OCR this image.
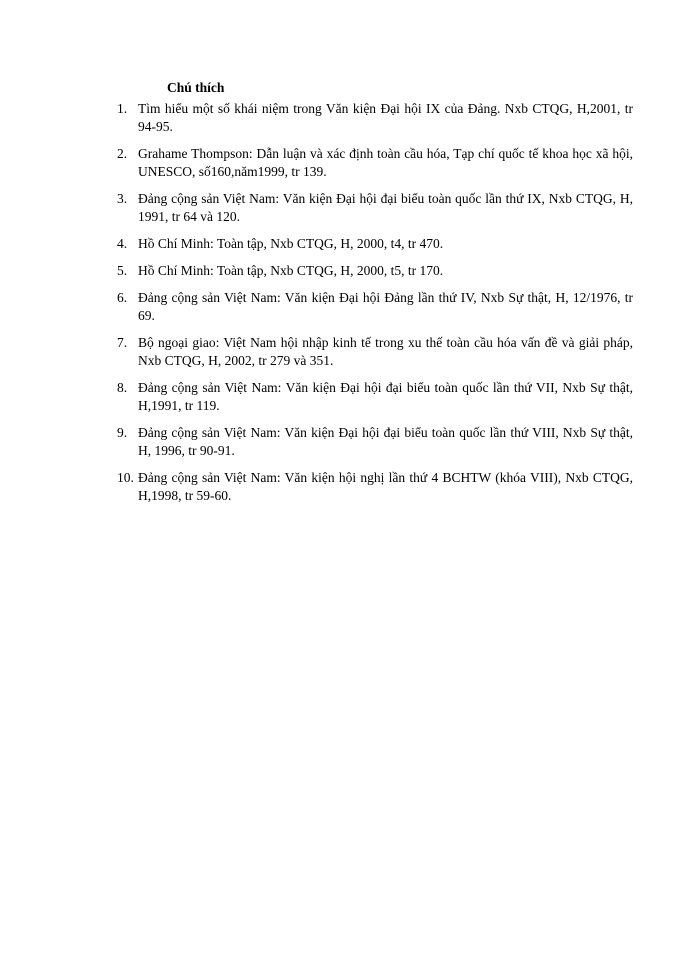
Chú thích

1. Tìm hiểu một số khái niệm trong Văn kiện Đại hội IX của Đảng. Nxb CTQG, H,2001, tr 94-95.
2. Grahame Thompson: Dẫn luận và xác định toàn cầu hóa, Tạp chí quốc tế khoa học xã hội, UNESCO, số160,năm1999, tr 139.
3. Đảng cộng sản Việt Nam: Văn kiện Đại hội đại biểu toàn quốc lần thứ IX, Nxb CTQG, H, 1991, tr 64 và 120.
4. Hồ Chí Minh: Toàn tập, Nxb CTQG, H, 2000, t4, tr 470.
5. Hồ Chí Minh: Toàn tập, Nxb CTQG, H, 2000, t5, tr 170.
6. Đảng cộng sản Việt Nam: Văn kiện Đại hội Đảng lần thứ IV, Nxb Sự thật, H, 12/1976, tr 69.
7. Bộ ngoại giao: Việt Nam hội nhập kinh tế trong xu thế toàn cầu hóa vấn đề và giải pháp, Nxb CTQG, H, 2002, tr 279 và 351.
8. Đảng cộng sản Việt Nam: Văn kiện Đại hội đại biểu toàn quốc lần thứ VII, Nxb Sự thật, H,1991, tr 119.
9. Đảng cộng sản Việt Nam: Văn kiện Đại hội đại biểu toàn quốc lần thứ VIII, Nxb Sự thật, H, 1996, tr 90-91.
10. Đảng cộng sản Việt Nam: Văn kiện hội nghị lần thứ 4 BCHTW (khóa VIII), Nxb CTQG, H,1998, tr 59-60.
